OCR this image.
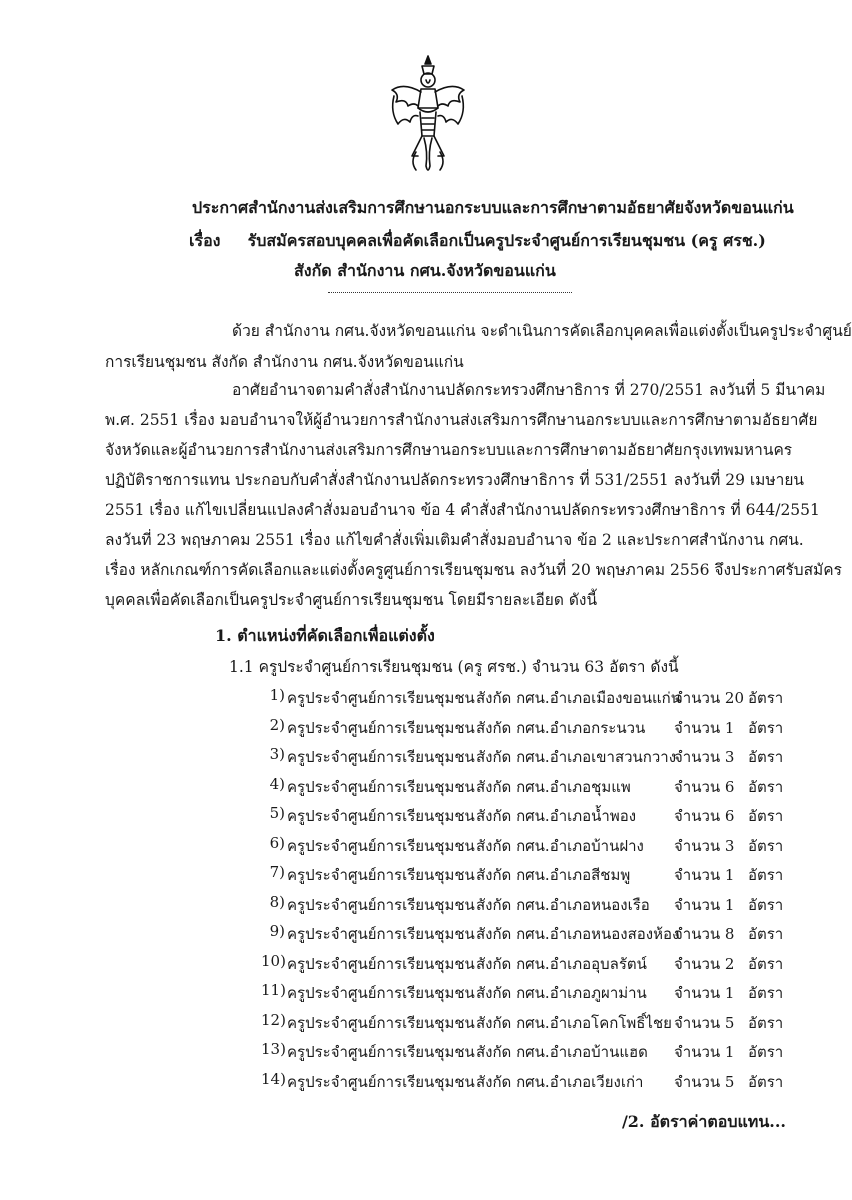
ประกาศสำนักงานส่งเสริมการศึกษานอกระบบและการศึกษาตามอัธยาศัยจังหวัดขอนแก่น
เรื่อง รับสมัครสอบบุคคลเพื่อคัดเลือกเป็นครูประจำศูนย์การเรียนชุมชน (ครู ศรช.)
สังกัด สำนักงาน กศน.จังหวัดขอนแก่น
ด้วย สำนักงาน กศน.จังหวัดขอนแก่น จะดำเนินการคัดเลือกบุคคลเพื่อแต่งตั้งเป็นครูประจำศูนย์
การเรียนชุมชน สังกัด สำนักงาน กศน.จังหวัดขอนแก่น
อาศัยอำนาจตามคำสั่งสำนักงานปลัดกระทรวงศึกษาธิการ ที่ 270/2551 ลงวันที่ 5 มีนาคม
พ.ศ. 2551 เรื่อง มอบอำนาจให้ผู้อำนวยการสำนักงานส่งเสริมการศึกษานอกระบบและการศึกษาตามอัธยาศัย
จังหวัดและผู้อำนวยการสำนักงานส่งเสริมการศึกษานอกระบบและการศึกษาตามอัธยาศัยกรุงเทพมหานคร
ปฏิบัติราชการแทน ประกอบกับคำสั่งสำนักงานปลัดกระทรวงศึกษาธิการ ที่ 531/2551 ลงวันที่ 29 เมษายน
2551 เรื่อง แก้ไขเปลี่ยนแปลงคำสั่งมอบอำนาจ ข้อ 4 คำสั่งสำนักงานปลัดกระทรวงศึกษาธิการ ที่ 644/2551
ลงวันที่ 23 พฤษภาคม 2551 เรื่อง แก้ไขคำสั่งเพิ่มเติมคำสั่งมอบอำนาจ ข้อ 2 และประกาศสำนักงาน กศน.
เรื่อง หลักเกณฑ์การคัดเลือกและแต่งตั้งครูศูนย์การเรียนชุมชน ลงวันที่ 20 พฤษภาคม 2556 จึงประกาศรับสมัคร
บุคคลเพื่อคัดเลือกเป็นครูประจำศูนย์การเรียนชุมชน โดยมีรายละเอียด ดังนี้
1. ตำแหน่งที่คัดเลือกเพื่อแต่งตั้ง
1.1 ครูประจำศูนย์การเรียนชุมชน (ครู ศรช.) จำนวน 63 อัตรา ดังนี้
1) ครูประจำศูนย์การเรียนชุมชน สังกัด กศน.อำเภอเมืองขอนแก่น
จำนวน 20 อัตรา
2) ครูประจำศูนย์การเรียนชุมชน สังกัด กศน.อำเภอกระนวน จำนวน 1 อัตรา
3) ครูประจำศูนย์การเรียนชุมชน สังกัด กศน.อำเภอเขาสวนกวาง
จำนวน 3 อัตรา
4) ครูประจำศูนย์การเรียนชุมชน สังกัด กศน.อำเภอชุมแพ	จำนวน 6 อัตรา
5) ครูประจำศูนย์การเรียนชุมชน สังกัด กศน.อำเภอน้ำพอง	จำนวน 6 อัตรา
6) ครูประจำศูนย์การเรียนชุมชน สังกัด กศน.อำเภอบ้านฝาง จำนวน 3 อัตรา
7) ครูประจำศูนย์การเรียนชุมชน สังกัด กศน.อำเภอสีชมพู	จำนวน 1 อัตรา
8) ครูประจำศูนย์การเรียนชุมชน สังกัด กศน.อำเภอหนองเรือ จำนวน 1 อัตรา
9) ครูประจำศูนย์การเรียนชุมชน สังกัด กศน.อำเภอหนองสองห้อง
จำนวน 8 อัตรา
10) ครูประจำศูนย์การเรียนชุมชน สังกัด กศน.อำเภออุบลรัตน์ จำนวน 2 อัตรา
11) ครูประจำศูนย์การเรียนชุมชน สังกัด กศน.อำเภอภูผาม่าน จำนวน 1 อัตรา
12) ครูประจำศูนย์การเรียนชุมชน สังกัด กศน.อำเภอโคกโพธิ์ไชย จำนวน 5 อัตรา
13) ครูประจำศูนย์การเรียนชุมชน สังกัด กศน.อำเภอบ้านแฮด จำนวน 1 อัตรา
14) ครูประจำศูนย์การเรียนชุมชน สังกัด กศน.อำเภอเวียงเก่า จำนวน 5 อัตรา
/2. อัตราค่าตอบแทน...
